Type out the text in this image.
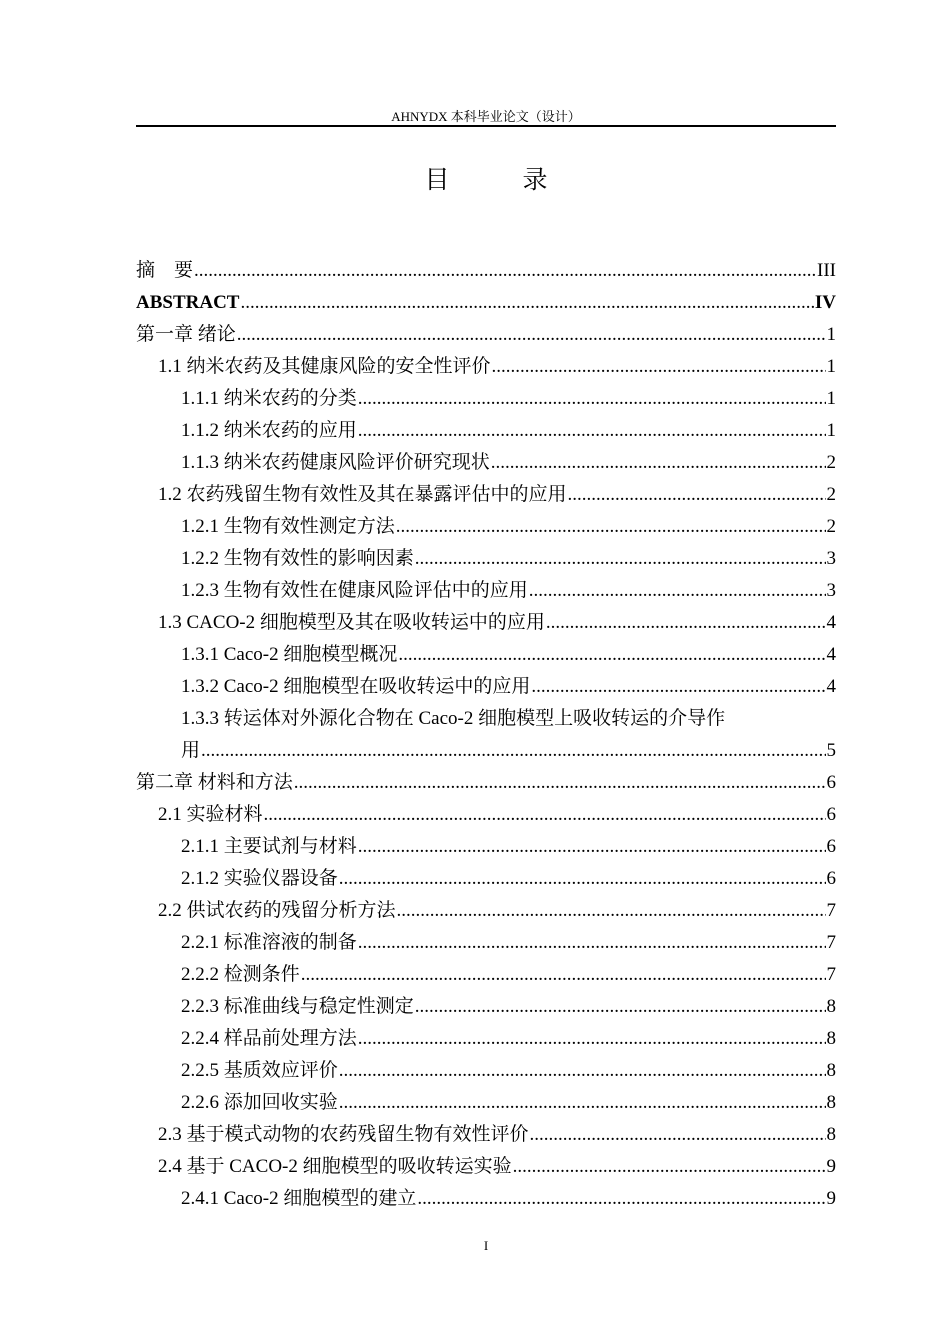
AHNYDX 本科毕业论文（设计）
目　录
摘　要 .....	III
ABSTRACT .....	IV
第一章 绪论 .....	1
1.1 纳米农药及其健康风险的安全性评价 .....	1
1.1.1 纳米农药的分类 .....	1
1.1.2 纳米农药的应用 .....	1
1.1.3 纳米农药健康风险评价研究现状 .....	2
1.2 农药残留生物有效性及其在暴露评估中的应用 .....	2
1.2.1 生物有效性测定方法 .....	2
1.2.2 生物有效性的影响因素 .....	3
1.2.3 生物有效性在健康风险评估中的应用 .....	3
1.3 CACO-2 细胞模型及其在吸收转运中的应用 .....	4
1.3.1 Caco-2 细胞模型概况 .....	4
1.3.2 Caco-2 细胞模型在吸收转运中的应用 .....	4
1.3.3 转运体对外源化合物在 Caco-2 细胞模型上吸收转运的介导作
用 .....	5
第二章 材料和方法 .....	6
2.1 实验材料 .....	6
2.1.1 主要试剂与材料 .....	6
2.1.2 实验仪器设备 .....	6
2.2 供试农药的残留分析方法 .....	7
2.2.1 标准溶液的制备 .....	7
2.2.2 检测条件 .....	7
2.2.3 标准曲线与稳定性测定 .....	8
2.2.4 样品前处理方法 .....	8
2.2.5 基质效应评价 .....	8
2.2.6 添加回收实验 .....	8
2.3 基于模式动物的农药残留生物有效性评价 .....	8
2.4 基于 CACO-2 细胞模型的吸收转运实验 .....	9
2.4.1 Caco-2 细胞模型的建立 .....	9
I
